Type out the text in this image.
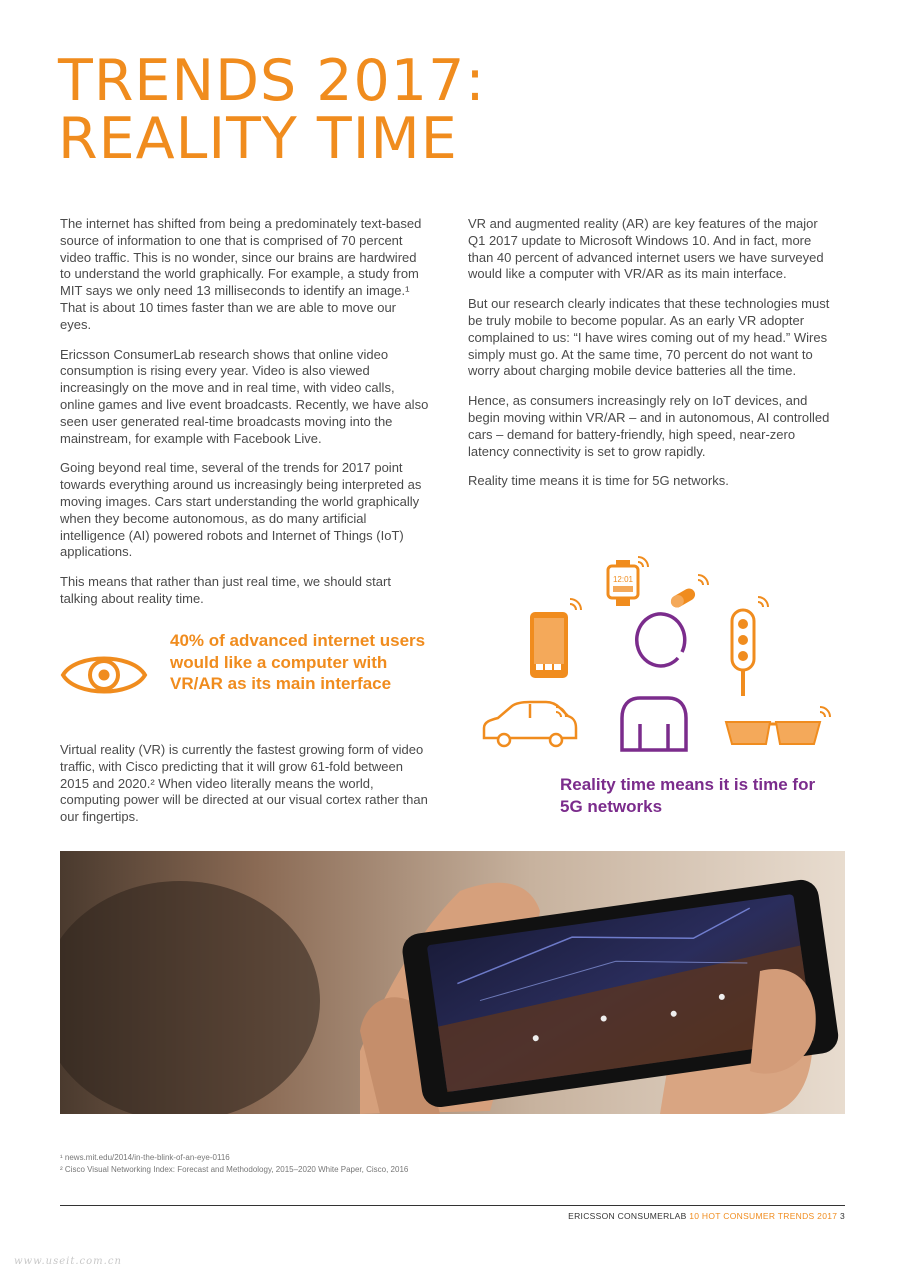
TRENDS 2017:
REALITY TIME

The internet has shifted from being a predominately text-based source of information to one that is comprised of 70 percent video traffic. This is no wonder, since our brains are hardwired to understand the world graphically. For example, a study from MIT says we only need 13 milliseconds to identify an image.¹ That is about 10 times faster than we are able to move our eyes.

Ericsson ConsumerLab research shows that online video consumption is rising every year. Video is also viewed increasingly on the move and in real time, with video calls, online games and live event broadcasts. Recently, we have also seen user generated real-time broadcasts moving into the mainstream, for example with Facebook Live.

Going beyond real time, several of the trends for 2017 point towards everything around us increasingly being interpreted as moving images. Cars start understanding the world graphically when they become autonomous, as do many artificial intelligence (AI) powered robots and Internet of Things (IoT) applications.

This means that rather than just real time, we should start talking about reality time.

40% of advanced internet users would like a computer with VR/AR as its main interface

Virtual reality (VR) is currently the fastest growing form of video traffic, with Cisco predicting that it will grow 61-fold between 2015 and 2020.² When video literally means the world, computing power will be directed at our visual cortex rather than our fingertips.

VR and augmented reality (AR) are key features of the major Q1 2017 update to Microsoft Windows 10. And in fact, more than 40 percent of advanced internet users we have surveyed would like a computer with VR/AR as its main interface.

But our research clearly indicates that these technologies must be truly mobile to become popular. As an early VR adopter complained to us: “I have wires coming out of my head.” Wires simply must go. At the same time, 70 percent do not want to worry about charging mobile device batteries all the time.

Hence, as consumers increasingly rely on IoT devices, and begin moving within VR/AR – and in autonomous, AI controlled cars – demand for battery-friendly, high speed, near-zero latency connectivity is set to grow rapidly.

Reality time means it is time for 5G networks.

12:01

Reality time means it is time for 5G networks

¹ news.mit.edu/2014/in-the-blink-of-an-eye-0116
² Cisco Visual Networking Index: Forecast and Methodology, 2015–2020 White Paper, Cisco, 2016
ERICSSON CONSUMERLAB 10 HOT CONSUMER TRENDS 2017 3
www.useit.com.cn
